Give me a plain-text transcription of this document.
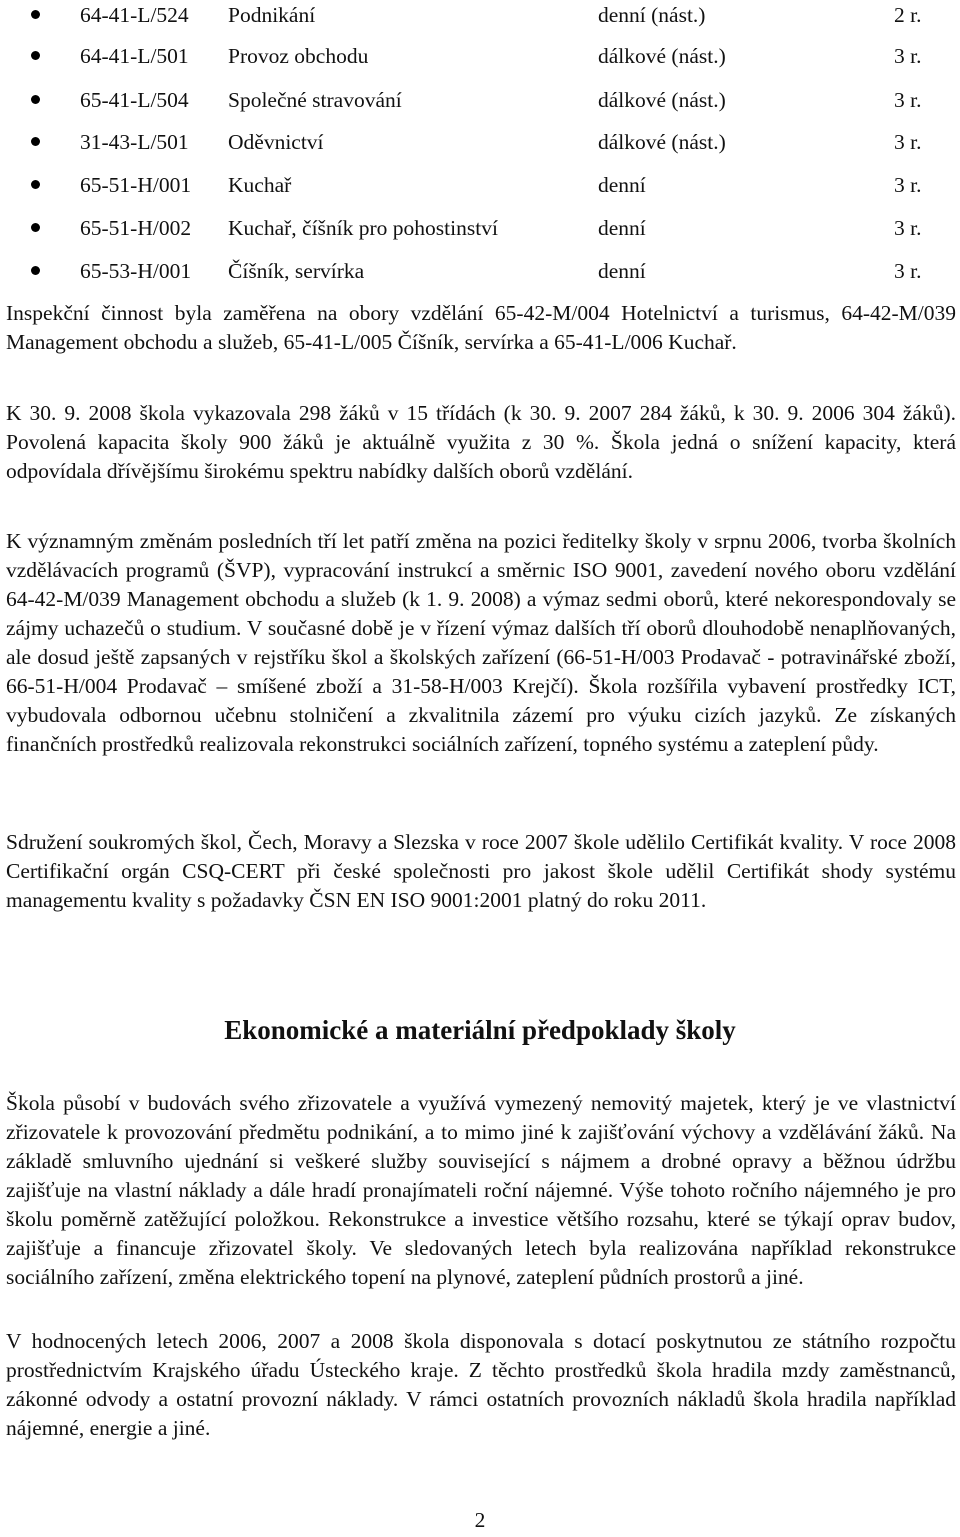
64-41-L/524 Podnikání	denní (nást.)	2 r.
64-41-L/501 Provoz obchodu	dálkové (nást.)	3 r.
65-41-L/504 Společné stravování	dálkové (nást.)	3 r.
31-43-L/501 Oděvnictví	dálkové (nást.)	3 r.
65-51-H/001 Kuchař	denní	3 r.
65-51-H/002 Kuchař, číšník pro pohostinství	denní	3 r.
65-53-H/001 Číšník, servírka	denní	3 r.

Inspekční činnost byla zaměřena na obory vzdělání 65-42-M/004 Hotelnictví a turismus, 64-42-M/039 Management obchodu a služeb, 65-41-L/005 Číšník, servírka a 65-41-L/006 Kuchař.

K 30. 9. 2008 škola vykazovala 298 žáků v 15 třídách (k 30. 9. 2007 284 žáků, k 30. 9. 2006 304 žáků). Povolená kapacita školy 900 žáků je aktuálně využita z 30 %. Škola jedná o snížení kapacity, která odpovídala dřívějšímu širokému spektru nabídky dalších oborů vzdělání.

K významným změnám posledních tří let patří změna na pozici ředitelky školy v srpnu 2006, tvorba školních vzdělávacích programů (ŠVP), vypracování instrukcí a směrnic ISO 9001, zavedení nového oboru vzdělání 64-42-M/039 Management obchodu a služeb (k 1. 9. 2008) a výmaz sedmi oborů, které nekorespondovaly se zájmy uchazečů o studium. V současné době je v řízení výmaz dalších tří oborů dlouhodobě nenaplňovaných, ale dosud ještě zapsaných v rejstříku škol a školských zařízení (66-51-H/003 Prodavač - potravinářské zboží, 66-51-H/004 Prodavač – smíšené zboží a 31-58-H/003 Krejčí). Škola rozšířila vybavení prostředky ICT, vybudovala odbornou učebnu stolničení a zkvalitnila zázemí pro výuku cizích jazyků. Ze získaných finančních prostředků realizovala rekonstrukci sociálních zařízení, topného systému a zateplení půdy.

Sdružení soukromých škol, Čech, Moravy a Slezska v roce 2007 škole udělilo Certifikát kvality. V roce 2008 Certifikační orgán CSQ-CERT při české společnosti pro jakost škole udělil Certifikát shody systému managementu kvality s požadavky ČSN EN ISO 9001:2001 platný do roku 2011.

Ekonomické a materiální předpoklady školy

Škola působí v budovách svého zřizovatele a využívá vymezený nemovitý majetek, který je ve vlastnictví zřizovatele k provozování předmětu podnikání, a to mimo jiné k zajišťování výchovy a vzdělávání žáků. Na základě smluvního ujednání si veškeré služby související s nájmem a drobné opravy a běžnou údržbu zajišťuje na vlastní náklady a dále hradí pronajímateli roční nájemné. Výše tohoto ročního nájemného je pro školu poměrně zatěžující položkou. Rekonstrukce a investice většího rozsahu, které se týkají oprav budov, zajišťuje a financuje zřizovatel školy. Ve sledovaných letech byla realizována například rekonstrukce sociálního zařízení, změna elektrického topení na plynové, zateplení půdních prostorů a jiné.

V hodnocených letech 2006, 2007 a 2008 škola disponovala s dotací poskytnutou ze státního rozpočtu prostřednictvím Krajského úřadu Ústeckého kraje. Z těchto prostředků škola hradila mzdy zaměstnanců, zákonné odvody a ostatní provozní náklady. V rámci ostatních provozních nákladů škola hradila například nájemné, energie a jiné.

2
